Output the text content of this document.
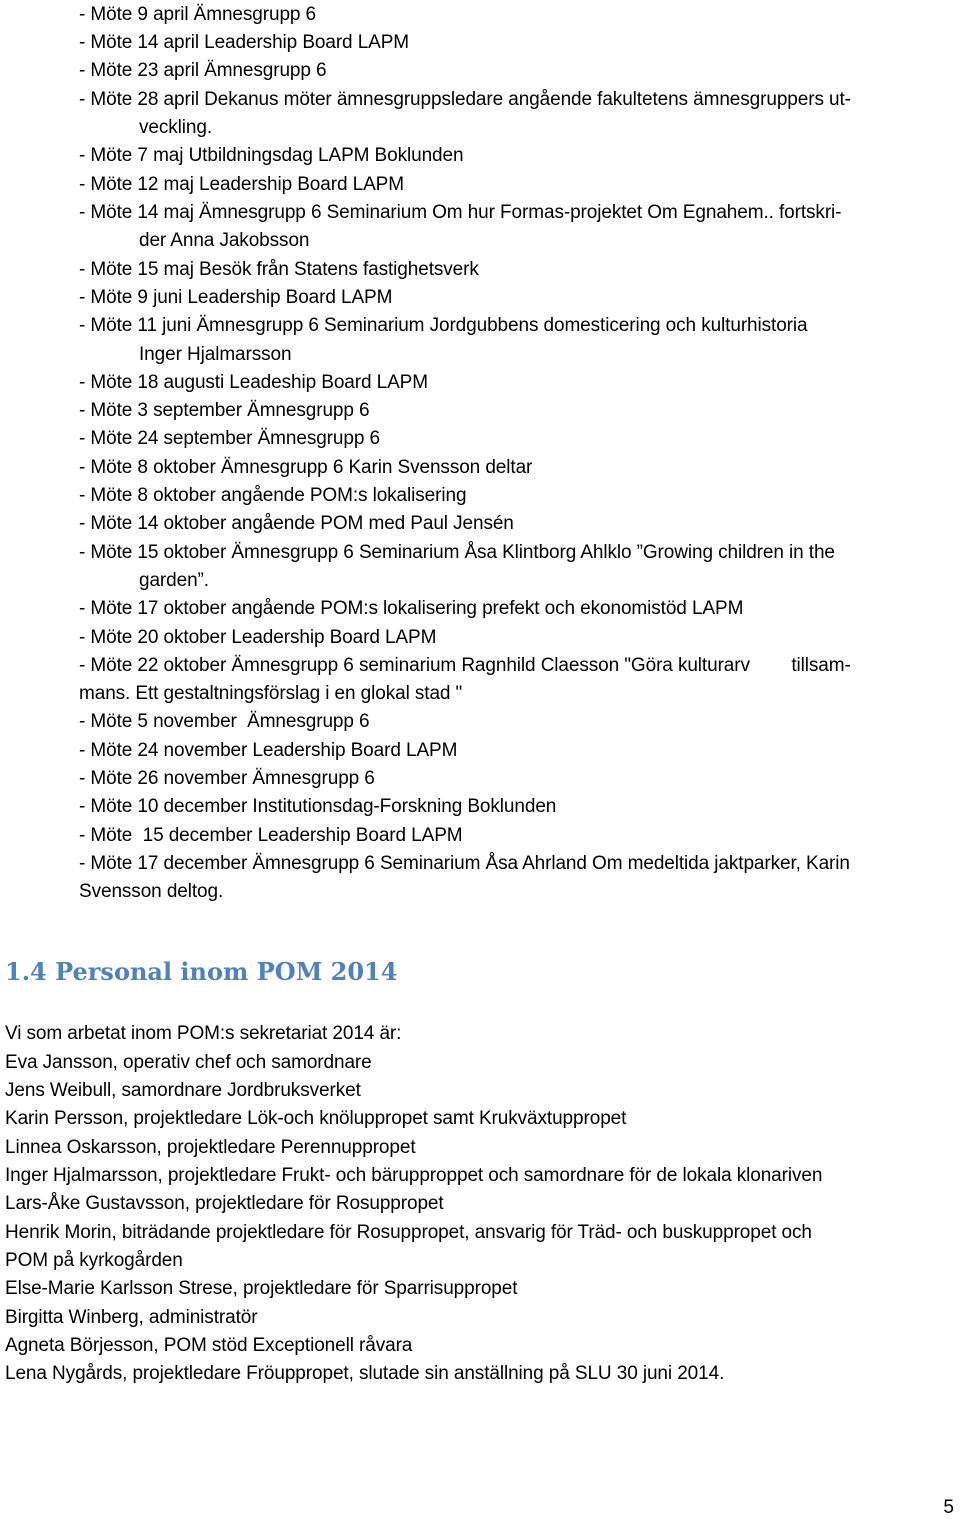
- Möte 9 april Ämnesgrupp 6
- Möte 14 april Leadership Board LAPM
- Möte 23 april Ämnesgrupp 6
- Möte 28 april Dekanus möter ämnesgruppsledare angående fakultetens ämnesgruppers ut-
veckling.
- Möte 7 maj Utbildningsdag LAPM Boklunden
- Möte 12 maj Leadership Board LAPM
- Möte 14 maj Ämnesgrupp 6 Seminarium Om hur Formas-projektet Om Egnahem.. fortskri-
der Anna Jakobsson
- Möte 15 maj Besök från Statens fastighetsverk
- Möte 9 juni Leadership Board LAPM
- Möte 11 juni Ämnesgrupp 6 Seminarium Jordgubbens domesticering och kulturhistoria
Inger Hjalmarsson
- Möte 18 augusti Leadeship Board LAPM
- Möte 3 september Ämnesgrupp 6
- Möte 24 september Ämnesgrupp 6
- Möte 8 oktober Ämnesgrupp 6 Karin Svensson deltar
- Möte 8 oktober angående POM:s lokalisering
- Möte 14 oktober angående POM med Paul Jensén
- Möte 15 oktober Ämnesgrupp 6 Seminarium Åsa Klintborg Ahlklo ”Growing children in the
garden”.
- Möte 17 oktober angående POM:s lokalisering prefekt och ekonomistöd LAPM
- Möte 20 oktober Leadership Board LAPM
- Möte 22 oktober Ämnesgrupp 6 seminarium Ragnhild Claesson "Göra kulturarv        tillsam-
mans. Ett gestaltningsförslag i en glokal stad "
- Möte 5 november  Ämnesgrupp 6
- Möte 24 november Leadership Board LAPM
- Möte 26 november Ämnesgrupp 6
- Möte 10 december Institutionsdag-Forskning Boklunden
- Möte  15 december Leadership Board LAPM
- Möte 17 december Ämnesgrupp 6 Seminarium Åsa Ahrland Om medeltida jaktparker, Karin
Svensson deltog.
1.4 Personal inom POM 2014
Vi som arbetat inom POM:s sekretariat 2014 är:
Eva Jansson, operativ chef och samordnare
Jens Weibull, samordnare Jordbruksverket
Karin Persson, projektledare Lök-och knöluppropet samt Krukväxtuppropet
Linnea Oskarsson, projektledare Perennuppropet
Inger Hjalmarsson, projektledare Frukt- och bärupproppet och samordnare för de lokala klonariven
Lars-Åke Gustavsson, projektledare för Rosuppropet
Henrik Morin, biträdande projektledare för Rosuppropet, ansvarig för Träd- och buskuppropet och
POM på kyrkogården
Else-Marie Karlsson Strese, projektledare för Sparrisuppropet
Birgitta Winberg, administratör
Agneta Börjesson, POM stöd Exceptionell råvara
Lena Nygårds, projektledare Fröuppropet, slutade sin anställning på SLU 30 juni 2014.
5
